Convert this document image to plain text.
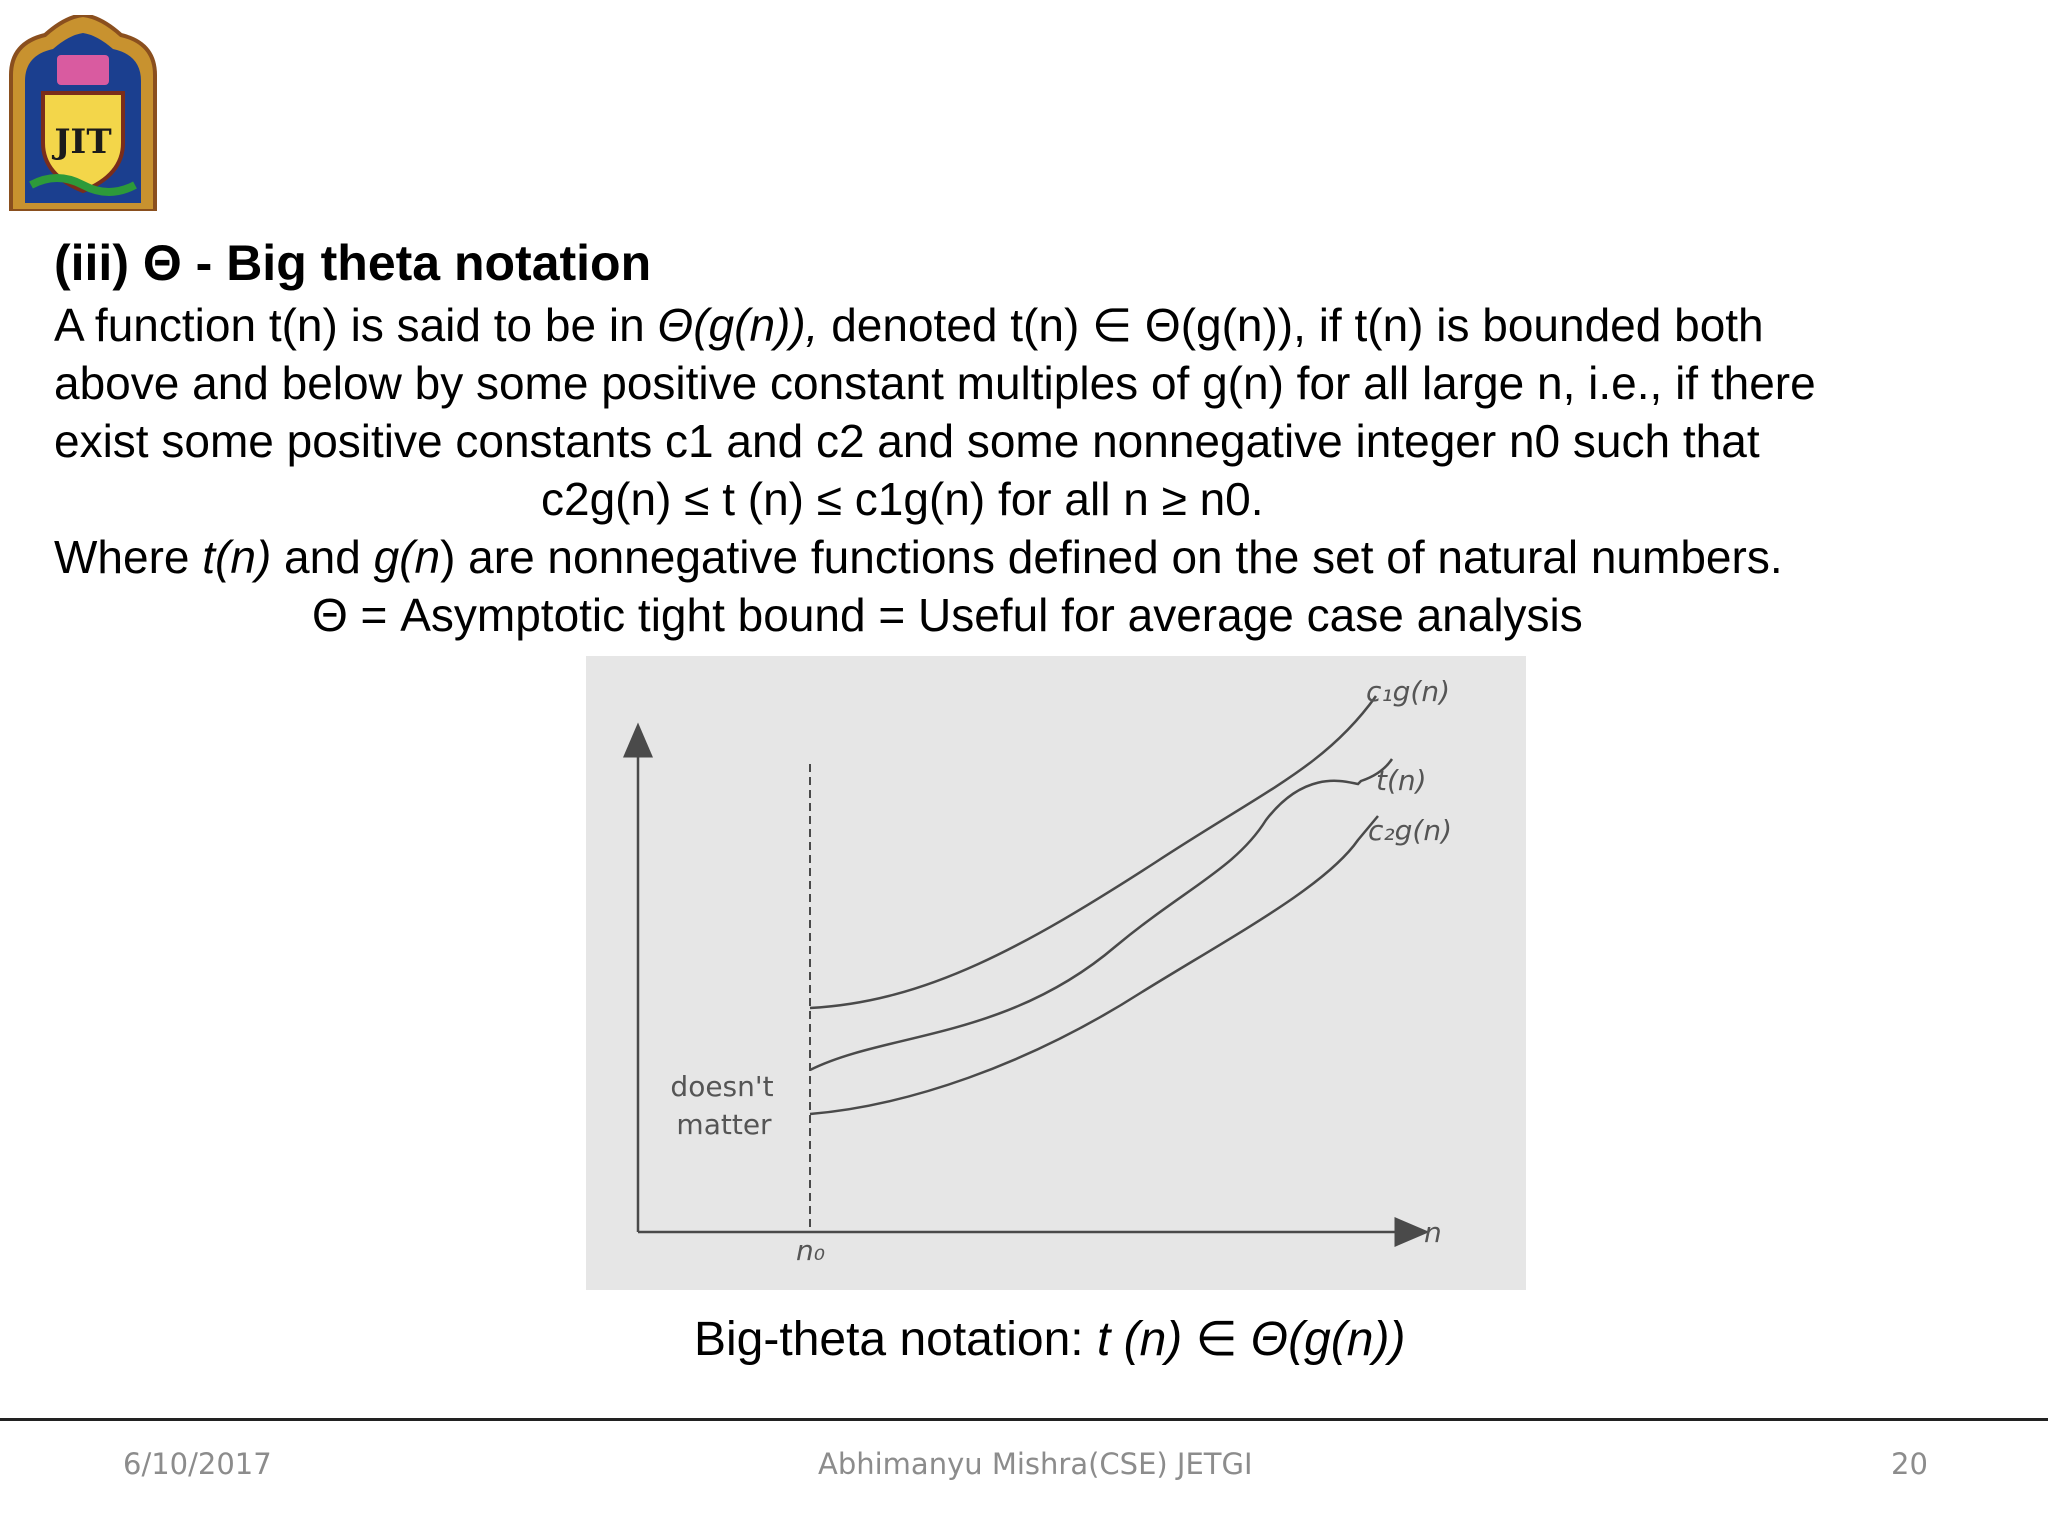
JIT
(iii) Θ - Big theta notation
A function t(n) is said to be in Θ(g(n)), denoted t(n) ∈ Θ(g(n)), if t(n) is bounded both
above and below by some positive constant multiples of g(n) for all large n, i.e., if there
exist some positive constants c1 and c2 and some nonnegative integer n0 such that
c2g(n) ≤ t (n) ≤ c1g(n) for all n ≥ n0.
Where t(n) and g(n) are nonnegative functions defined on the set of natural numbers.
Θ = Asymptotic tight bound = Useful for average case analysis
c₁g(n)
t(n)
c₂g(n)
doesn't
matter
n₀
n

Big-theta notation: t (n) ∈ Θ(g(n))

6/10/2017	Abhimanyu Mishra(CSE) JETGI	20
